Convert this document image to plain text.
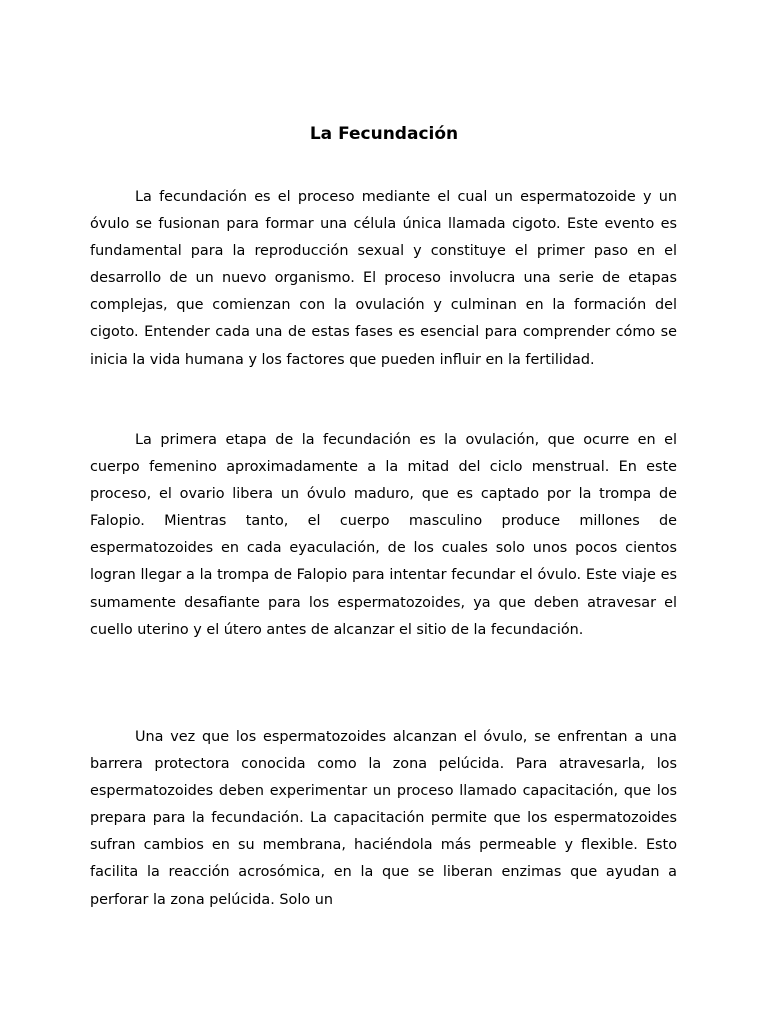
La Fecundación

La fecundación es el proceso mediante el cual un espermatozoide y un óvulo se fusionan para formar una célula única llamada cigoto. Este evento es fundamental para la reproducción sexual y constituye el primer paso en el desarrollo de un nuevo organismo. El proceso involucra una serie de etapas complejas, que comienzan con la ovulación y culminan en la formación del cigoto. Entender cada una de estas fases es esencial para comprender cómo se inicia la vida humana y los factores que pueden influir en la fertilidad.

La primera etapa de la fecundación es la ovulación, que ocurre en el cuerpo femenino aproximadamente a la mitad del ciclo menstrual. En este proceso, el ovario libera un óvulo maduro, que es captado por la trompa de Falopio. Mientras tanto, el cuerpo masculino produce millones de espermatozoides en cada eyaculación, de los cuales solo unos pocos cientos logran llegar a la trompa de Falopio para intentar fecundar el óvulo. Este viaje es sumamente desafiante para los espermatozoides, ya que deben atravesar el cuello uterino y el útero antes de alcanzar el sitio de la fecundación.

Una vez que los espermatozoides alcanzan el óvulo, se enfrentan a una barrera protectora conocida como la zona pelúcida. Para atravesarla, los espermatozoides deben experimentar un proceso llamado capacitación, que los prepara para la fecundación. La capacitación permite que los espermatozoides sufran cambios en su membrana, haciéndola más permeable y flexible. Esto facilita la reacción acrosómica, en la que se liberan enzimas que ayudan a perforar la zona pelúcida. Solo un
